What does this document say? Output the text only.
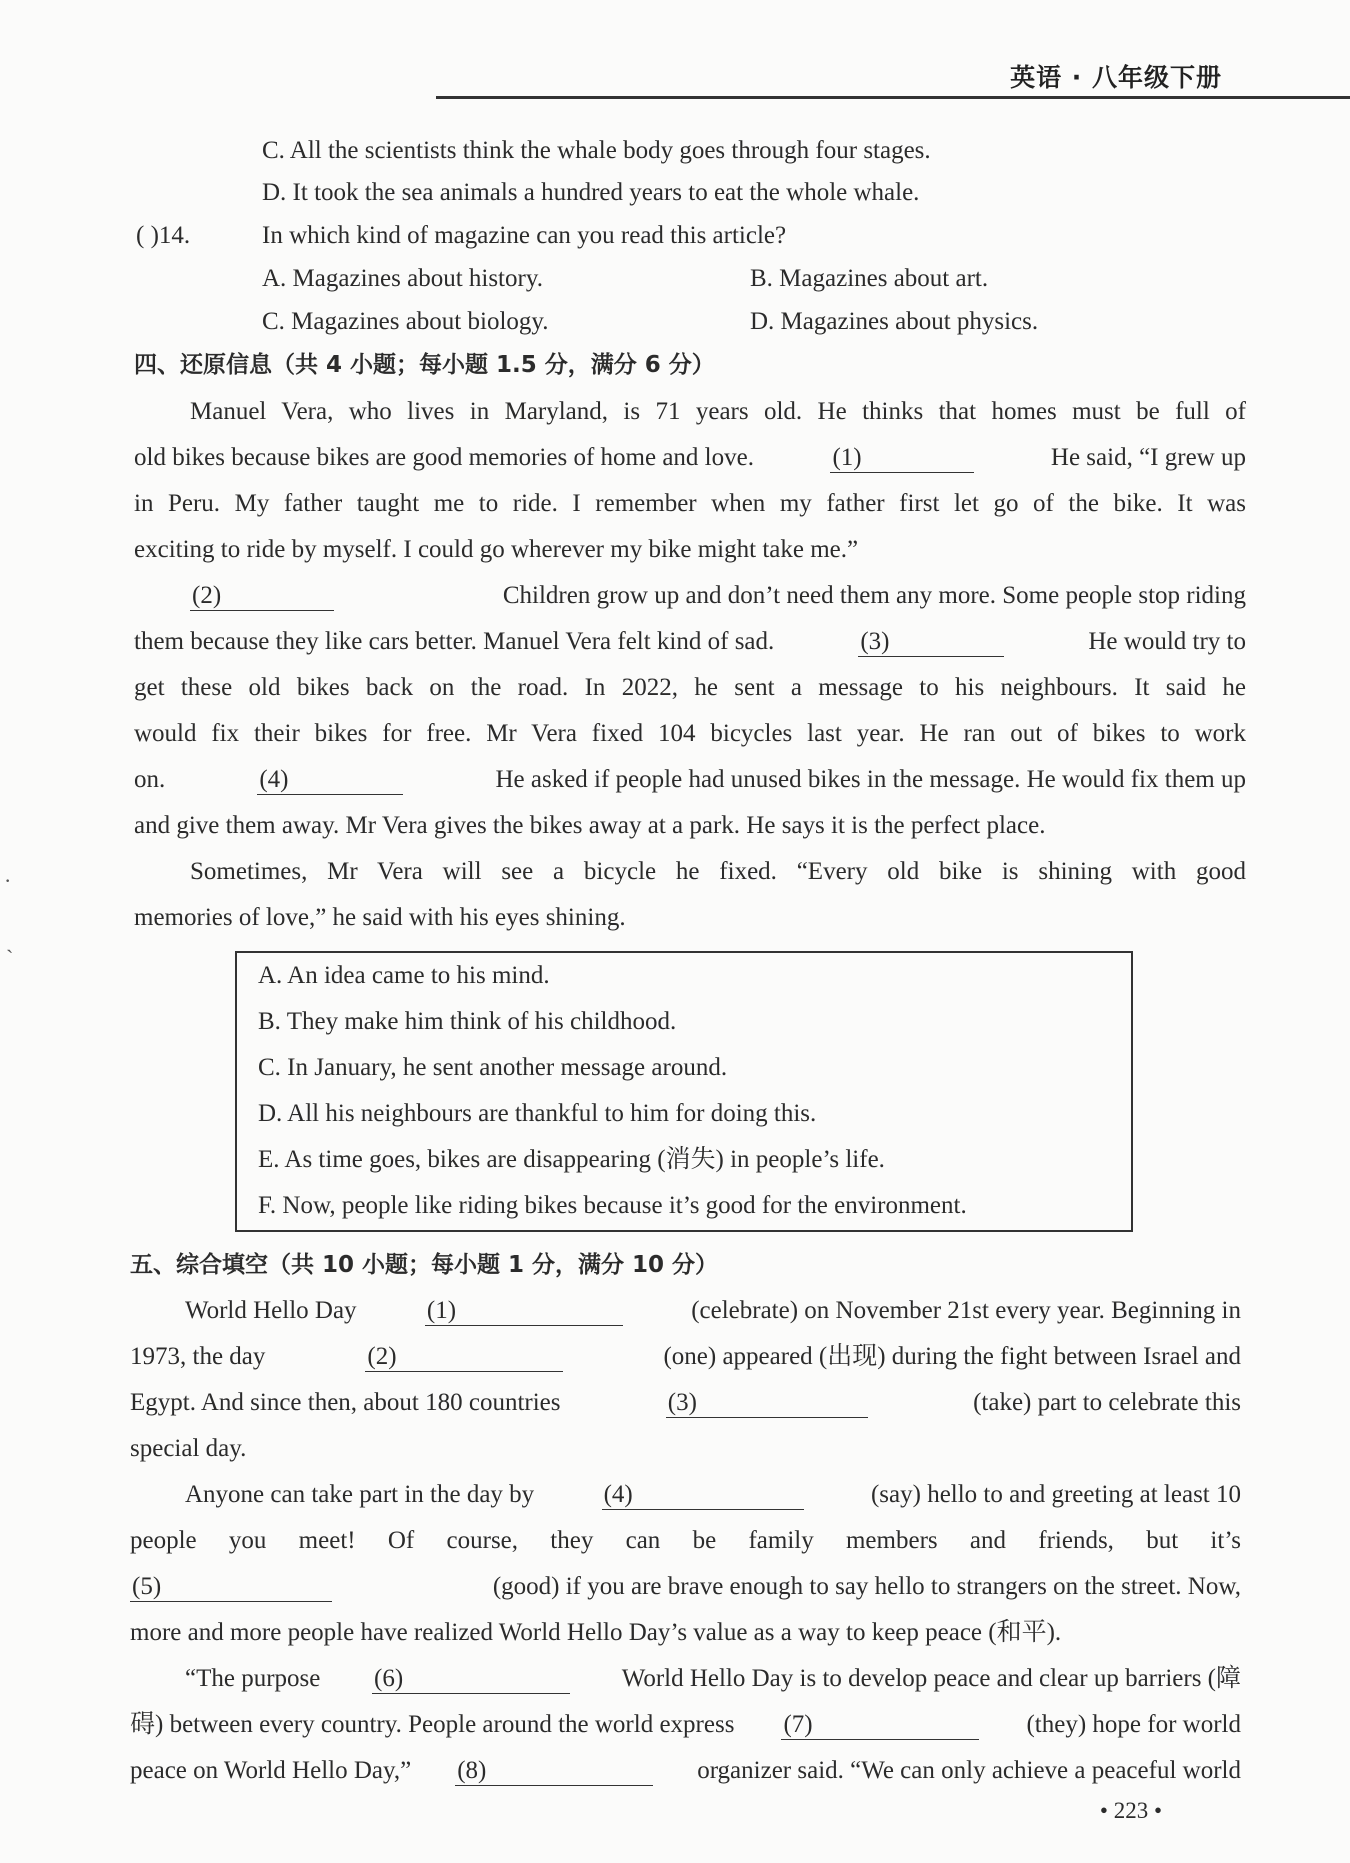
英语 · 八年级下册
C. All the scientists think the whale body goes through four stages.
D. It took the sea animals a hundred years to eat the whole whale.
( )14.	In which kind of magazine can you read this article?
A. Magazines about history.	B. Magazines about art.
C. Magazines about biology.	D. Magazines about physics.
四、还原信息（共 4 小题；每小题 1.5 分，满分 6 分）
Manuel Vera, who lives in Maryland, is 71 years old. He thinks that homes must be full of
old bikes because bikes are good memories of home and love.	(1)	He said, “I grew up
in Peru. My father taught me to ride. I remember when my father first let go of the bike. It was
exciting to ride by myself. I could go wherever my bike might take me.”
(2)	Children grow up and don’t need them any more. Some people stop riding
them because they like cars better. Manuel Vera felt kind of sad.	(3)	He would try to
get these old bikes back on the road. In 2022, he sent a message to his neighbours. It said he
would fix their bikes for free. Mr Vera fixed 104 bicycles last year. He ran out of bikes to work
on.	(4)	He asked if people had unused bikes in the message. He would fix them up
and give them away. Mr Vera gives the bikes away at a park. He says it is the perfect place.
Sometimes, Mr Vera will see a bicycle he fixed. “Every old bike is shining with good
memories of love,” he said with his eyes shining.
A. An idea came to his mind.
B. They make him think of his childhood.
C. In January, he sent another message around.
D. All his neighbours are thankful to him for doing this.
E. As time goes, bikes are disappearing (消失) in people’s life.
F. Now, people like riding bikes because it’s good for the environment.
五、综合填空（共 10 小题；每小题 1 分，满分 10 分）
World Hello Day	(1)	(celebrate) on November 21st every year. Beginning in
1973, the day	(2)	(one) appeared (出现) during the fight between Israel and
Egypt. And since then, about 180 countries	(3)	(take) part to celebrate this
special day.
Anyone can take part in the day by	(4)	(say) hello to and greeting at least 10
people you meet! Of course, they can be family members and friends, but it’s
(5)	(good) if you are brave enough to say hello to strangers on the street. Now,
more and more people have realized World Hello Day’s value as a way to keep peace (和平).
“The purpose (6)	World Hello Day is to develop peace and clear up barriers (障
碍) between every country. People around the world express (7)	(they) hope for world
peace on World Hello Day,” (8)	organizer said. “We can only achieve a peaceful world
• 223 •
·
`
